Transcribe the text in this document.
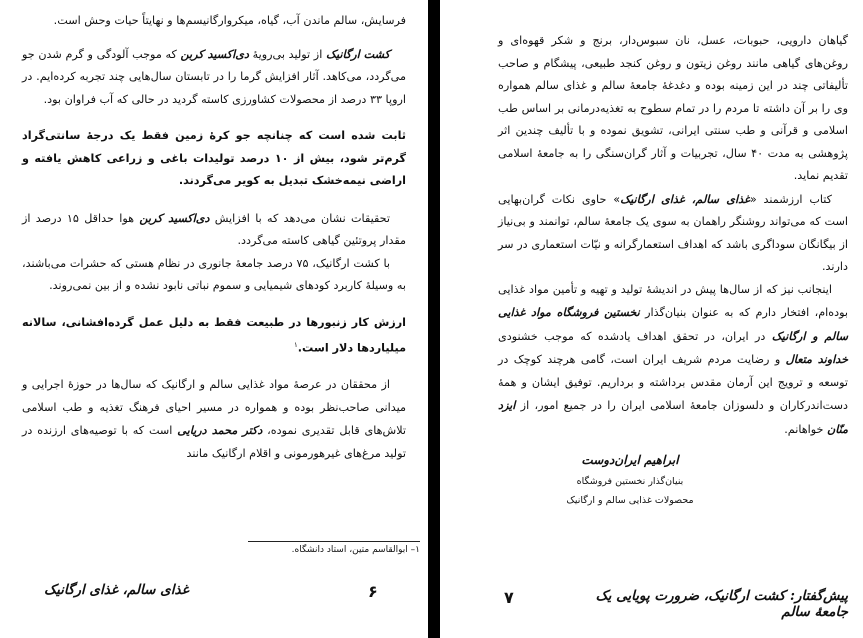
فرسایش، سالم ماندن آب، گیاه، میکروارگانیسم‌ها و نهایتاً حیات وحش است.

کشت ارگانیک از تولید بی‌رویهٔ دی‌اکسید کربن که موجب آلودگی و گرم شدن جو می‌گردد، می‌کاهد. آثار افزایش گرما را در تابستان سال‌هایی چند تجربه کرده‌ایم. در اروپا ۳۳ درصد از محصولات کشاورزی کاسته گردید در حالی که آب فراوان بود.

ثابت شده است که چنانچه جو کرهٔ زمین فقط یک درجهٔ سانتی‌گراد گرم‌تر شود، بیش از ۱۰ درصد تولیدات باغی و زراعی کاهش یافته و اراضی نیمه‌خشک تبدیل به کویر می‌گردند.

تحقیقات نشان می‌دهد که با افزایش دی‌اکسید کربن هوا حداقل ۱۵ درصد از مقدار پروتئین گیاهی کاسته می‌گردد.

با کشت ارگانیک، ۷۵ درصد جامعهٔ جانوری در نظام هستی که حشرات می‌باشند، به وسیلهٔ کاربرد کودهای شیمیایی و سموم نباتی نابود نشده و از بین نمی‌روند.

ارزش کار زنبورها در طبیعت فقط به دلیل عمل گرده‌افشانی، سالانه میلیاردها دلار است.$^۱$

از محققان در عرصهٔ مواد غذایی سالم و ارگانیک که سال‌ها در حوزهٔ اجرایی و میدانی صاحب‌نظر بوده و همواره در مسیر احیای فرهنگ تغذیه و طب اسلامی تلاش‌های قابل تقدیری نموده، دکتر محمد دریایی است که با توصیه‌های ارزنده در تولید مرغ‌های غیرهورمونی و اقلام ارگانیک مانند

۱– ابوالقاسم متین، استاد دانشگاه.
غذای سالم، غذای ارگانیک	۶

گیاهان دارویی، حبوبات، عسل، نان سبوس‌دار، برنج و شکر قهوه‌ای و روغن‌های گیاهی مانند روغن زیتون و روغن کنجد طبیعی، پیشگام و صاحب تألیفاتی چند در این زمینه بوده و دغدغهٔ جامعهٔ سالم و غذای سالم همواره وی را بر آن داشته تا مردم را در تمام سطوح به تغذیه‌درمانی بر اساس طب اسلامی و قرآنی و طب سنتی ایرانی، تشویق نموده و با تألیف چندین اثر پژوهشی به مدت ۴۰ سال، تجربیات و آثار گران‌سنگی را به جامعهٔ اسلامی تقدیم نماید.

کتاب ارزشمند «غذای سالم، غذای ارگانیک» حاوی نکات گران‌بهایی است که می‌تواند روشنگر راهمان به سوی یک جامعهٔ سالم، توانمند و بی‌نیاز از بیگانگان سوداگری باشد که اهداف استعمارگرانه و نیّات استعماری در سر دارند.

اینجانب نیز که از سال‌ها پیش در اندیشهٔ تولید و تهیه و تأمین مواد غذایی بوده‌ام، افتخار دارم که به عنوان بنیان‌گذار نخستین فروشگاه مواد غذایی سالم و ارگانیک در ایران، در تحقق اهداف یادشده که موجب خشنودی خداوند متعال و رضایت مردم شریف ایران است، گامی هرچند کوچک در توسعه و ترویج این آرمان مقدس برداشته و برداریم. توفیق ایشان و همهٔ دست‌اندرکاران و دلسوزان جامعهٔ اسلامی ایران را در جمیع امور، از ایزد منّان خواهانم.

ابراهیم ایران‌دوست
بنیان‌گذار نخستین فروشگاه
محصولات غذایی سالم و ارگانیک
۷	پیش‌گفتار: کشت ارگانیک، ضرورت پویایی یک جامعهٔ سالم
